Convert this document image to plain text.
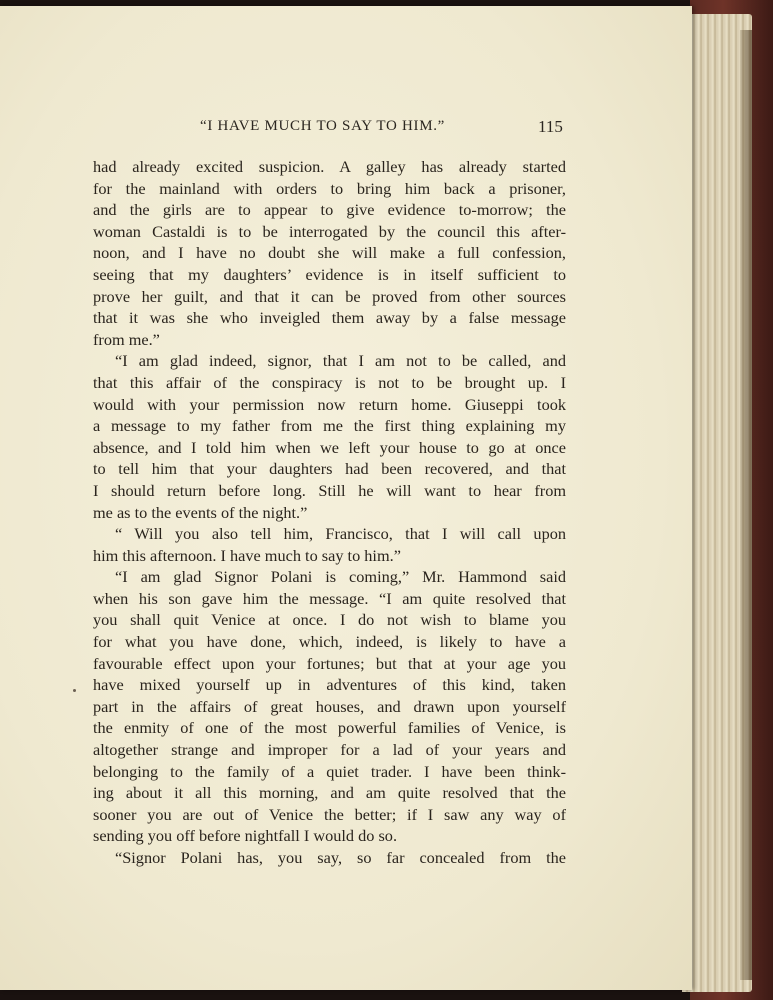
“I HAVE MUCH TO SAY TO HIM.”	115
had already excited suspicion. A galley has already started
for the mainland with orders to bring him back a prisoner,
and the girls are to appear to give evidence to-morrow; the
woman Castaldi is to be interrogated by the council this after-
noon, and I have no doubt she will make a full confession,
seeing that my daughters’ evidence is in itself sufficient to
prove her guilt, and that it can be proved from other sources
that it was she who inveigled them away by a false message
from me.”
“I am glad indeed, signor, that I am not to be called, and
that this affair of the conspiracy is not to be brought up. I
would with your permission now return home. Giuseppi took
a message to my father from me the first thing explaining my
absence, and I told him when we left your house to go at once
to tell him that your daughters had been recovered, and that
I should return before long. Still he will want to hear from
me as to the events of the night.”
“ Will you also tell him, Francisco, that I will call upon
him this afternoon. I have much to say to him.”
“I am glad Signor Polani is coming,” Mr. Hammond said
when his son gave him the message. “I am quite resolved that
you shall quit Venice at once. I do not wish to blame you
for what you have done, which, indeed, is likely to have a
favourable effect upon your fortunes; but that at your age you
have mixed yourself up in adventures of this kind, taken
part in the affairs of great houses, and drawn upon yourself
the enmity of one of the most powerful families of Venice, is
altogether strange and improper for a lad of your years and
belonging to the family of a quiet trader. I have been think-
ing about it all this morning, and am quite resolved that the
sooner you are out of Venice the better; if I saw any way of
sending you off before nightfall I would do so.
“Signor Polani has, you say, so far concealed from the
